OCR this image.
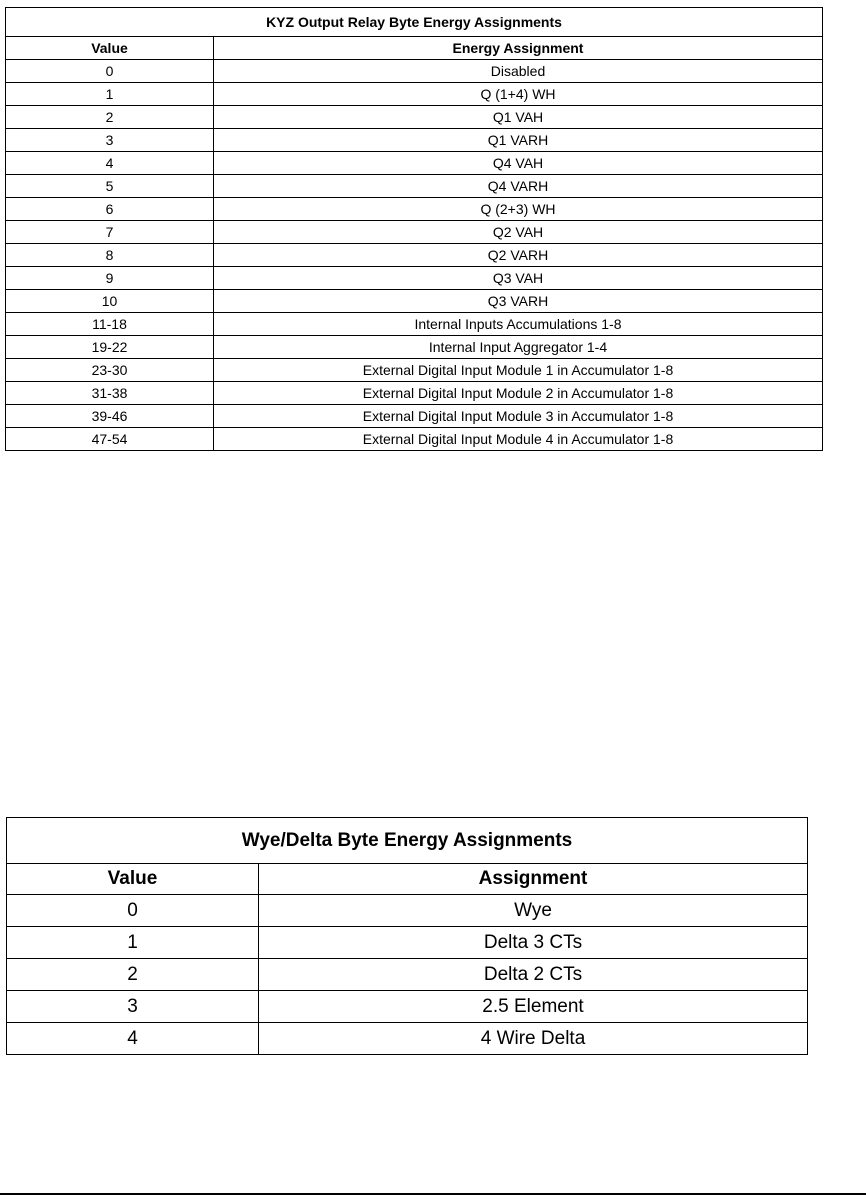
KYZ Output Relay Byte Energy Assignments	
Value	Energy Assignment
0	Disabled
1	Q (1+4) WH
2	Q1 VAH
3	Q1 VARH
4	Q4 VAH
5	Q4 VARH
6	Q (2+3) WH
7	Q2 VAH
8	Q2 VARH
9	Q3 VAH
10	Q3 VARH
11-18	Internal Inputs Accumulations 1-8
19-22	Internal Input Aggregator 1-4
23-30	External Digital Input Module 1 in Accumulator 1-8
31-38	External Digital Input Module 2 in Accumulator 1-8
39-46	External Digital Input Module 3 in Accumulator 1-8
47-54	External Digital Input Module 4 in Accumulator 1-8
Wye/Delta Byte Energy Assignments	
Value	Assignment
0	Wye
1	Delta 3 CTs
2	Delta 2 CTs
3	2.5 Element
4	4 Wire Delta
